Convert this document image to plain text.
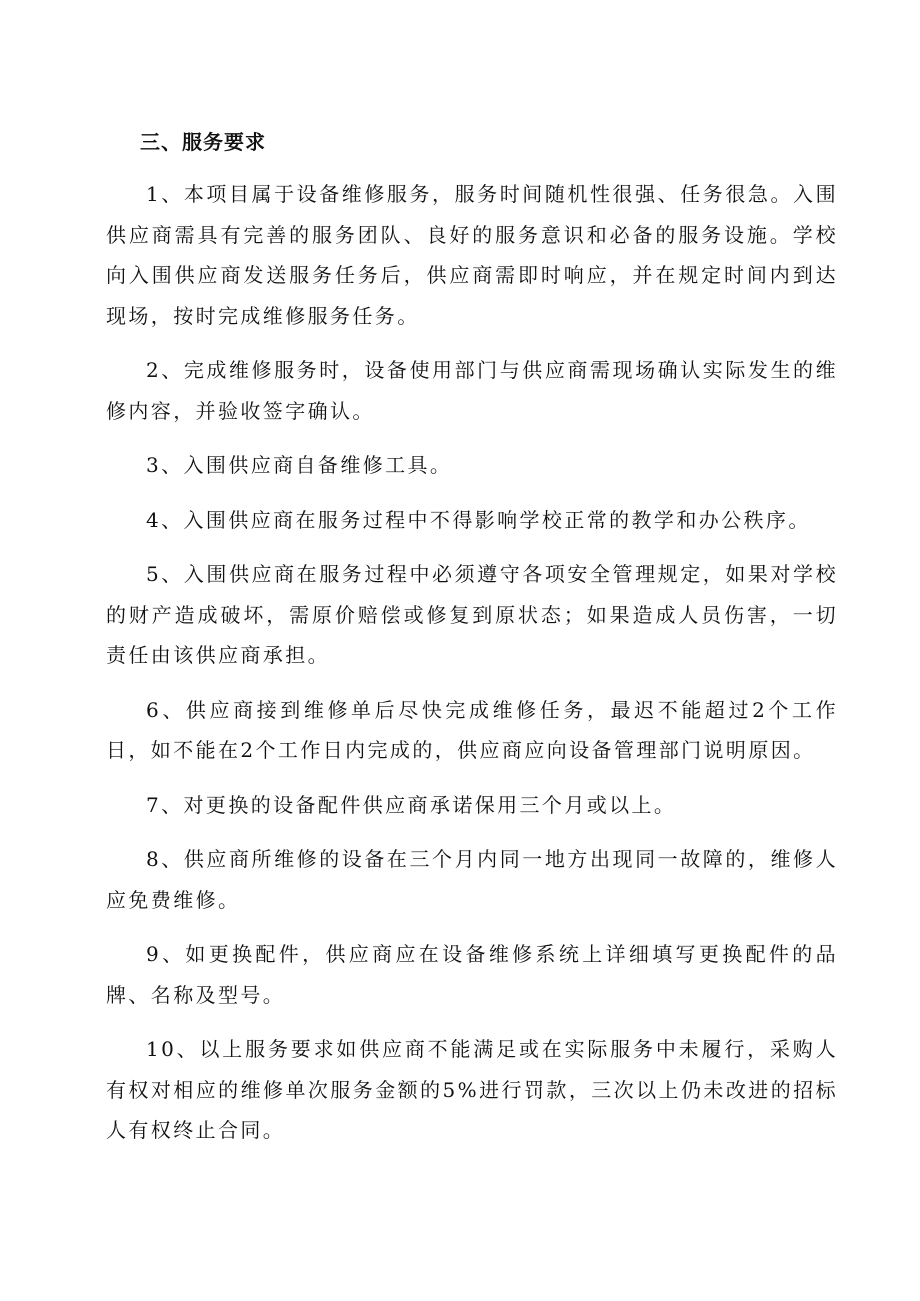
三、服务要求

1、本项目属于设备维修服务，服务时间随机性很强、任务很急。入围供应商需具有完善的服务团队、良好的服务意识和必备的服务设施。学校向入围供应商发送服务任务后，供应商需即时响应，并在规定时间内到达现场，按时完成维修服务任务。

2、完成维修服务时，设备使用部门与供应商需现场确认实际发生的维修内容，并验收签字确认。

3、入围供应商自备维修工具。

4、入围供应商在服务过程中不得影响学校正常的教学和办公秩序。

5、入围供应商在服务过程中必须遵守各项安全管理规定，如果对学校的财产造成破坏，需原价赔偿或修复到原状态；如果造成人员伤害，一切责任由该供应商承担。

6、供应商接到维修单后尽快完成维修任务，最迟不能超过2个工作日，如不能在2个工作日内完成的，供应商应向设备管理部门说明原因。

7、对更换的设备配件供应商承诺保用三个月或以上。

8、供应商所维修的设备在三个月内同一地方出现同一故障的，维修人应免费维修。

9、如更换配件，供应商应在设备维修系统上详细填写更换配件的品牌、名称及型号。

10、以上服务要求如供应商不能满足或在实际服务中未履行，采购人有权对相应的维修单次服务金额的5%进行罚款，三次以上仍未改进的招标人有权终止合同。
